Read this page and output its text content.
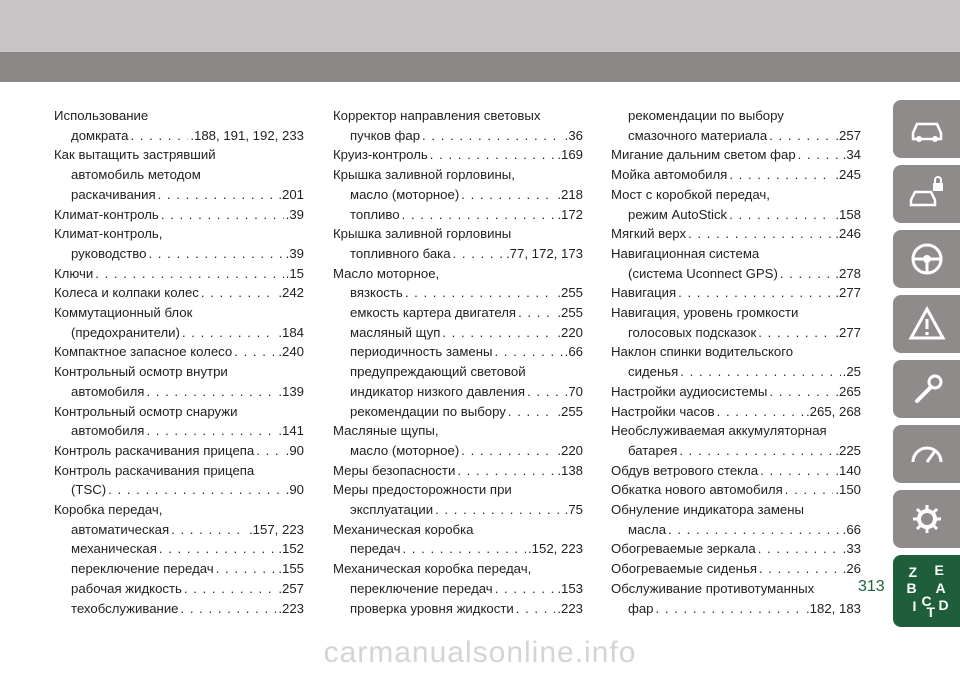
Использование
домкрата . . .	.188, 191, 192, 233
Как вытащить застрявший
автомобиль методом
раскачивания . . .	.201
Климат-контроль . . .	.39
Климат-контроль,
руководство . . .	.39
Ключи . . .	.15
Колеса и колпаки колес . . .	.242
Коммутационный блок
(предохранители) . . .	.184
Компактное запасное колесо . . .	.240
Контрольный осмотр внутри
автомобиля . . .	.139
Контрольный осмотр снаружи
автомобиля . . .	.141
Контроль раскачивания прицепа . . . .90
Контроль раскачивания прицепа
(TSC) . . .	.90
Коробка передач,
автоматическая . . .	.157, 223
механическая . . .	.152
переключение передач . . .	.155
рабочая жидкость . . .	.257
техобслуживание . . .	.223
Корректор направления световых
пучков фар . . .	.36
Круиз-контроль . . .	.169
Крышка заливной горловины,
масло (моторное) . . .	.218
топливо . . .	.172
Крышка заливной горловины
топливного бака . . .	.77, 172, 173
Масло моторное,
вязкость . . .	.255
емкость картера двигателя . . .	.255
масляный щуп . . .	.220
периодичность замены . . .	.66
предупреждающий световой
индикатор низкого давления . . .	.70
рекомендации по выбору . . .	.255
Масляные щупы,
масло (моторное) . . .	.220
Меры безопасности . . .	.138
Меры предосторожности при
эксплуатации . . .	.75
Механическая коробка
передач . . .	.152, 223
Механическая коробка передач,
переключение передач . . .	.153
проверка уровня жидкости . . .	.223
рекомендации по выбору
смазочного материала . . .	.257
Мигание дальним светом фар . . .	.34
Мойка автомобиля . . .	.245
Мост с коробкой передач,
режим AutoStick . . .	.158
Мягкий верх . . .	.246
Навигационная система
(система Uconnect GPS) . . .	.278
Навигация . . .	.277
Навигация, уровень громкости
голосовых подсказок . . .	.277
Наклон спинки водительского
сиденья . . .	.25
Настройки аудиосистемы . . .	.265
Настройки часов . . .	.265, 268
Необслуживаемая аккумуляторная
батарея . . .	.225
Обдув ветрового стекла . . .	.140
Обкатка нового автомобиля . . .	.150
Обнуление индикатора замены
масла . . .	.66
Обогреваемые зеркала . . .	.33
Обогреваемые сиденья . . .	.26
Обслуживание противотуманных
фар . . .	.182, 183
Z E
B A
I C D
T
313
carmanualsonline.info
